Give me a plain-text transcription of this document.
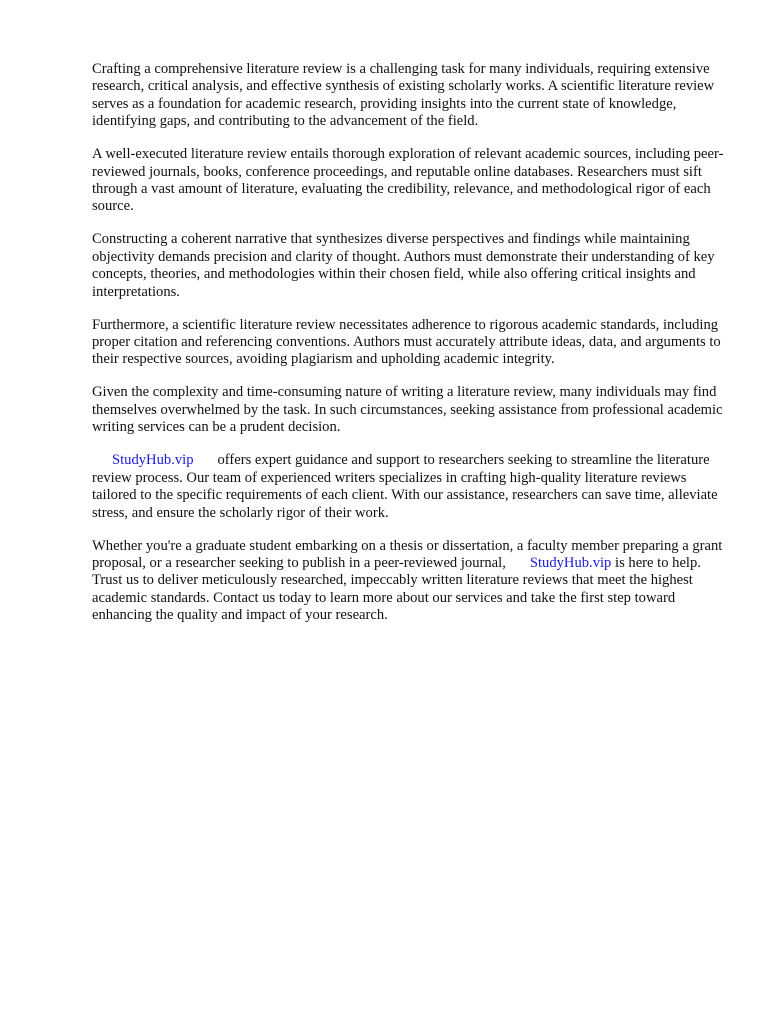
Crafting a comprehensive literature review is a challenging task for many individuals, requiring extensive research, critical analysis, and effective synthesis of existing scholarly works. A scientific literature review serves as a foundation for academic research, providing insights into the current state of knowledge, identifying gaps, and contributing to the advancement of the field.

A well-executed literature review entails thorough exploration of relevant academic sources, including peer-reviewed journals, books, conference proceedings, and reputable online databases. Researchers must sift through a vast amount of literature, evaluating the credibility, relevance, and methodological rigor of each source.

Constructing a coherent narrative that synthesizes diverse perspectives and findings while maintaining objectivity demands precision and clarity of thought. Authors must demonstrate their understanding of key concepts, theories, and methodologies within their chosen field, while also offering critical insights and interpretations.

Furthermore, a scientific literature review necessitates adherence to rigorous academic standards, including proper citation and referencing conventions. Authors must accurately attribute ideas, data, and arguments to their respective sources, avoiding plagiarism and upholding academic integrity.

Given the complexity and time-consuming nature of writing a literature review, many individuals may find themselves overwhelmed by the task. In such circumstances, seeking assistance from professional academic writing services can be a prudent decision.

StudyHub.vip offers expert guidance and support to researchers seeking to streamline the literature review process. Our team of experienced writers specializes in crafting high-quality literature reviews tailored to the specific requirements of each client. With our assistance, researchers can save time, alleviate stress, and ensure the scholarly rigor of their work.

Whether you're a graduate student embarking on a thesis or dissertation, a faculty member preparing a grant proposal, or a researcher seeking to publish in a peer-reviewed journal, StudyHub.vip is here to help. Trust us to deliver meticulously researched, impeccably written literature reviews that meet the highest academic standards. Contact us today to learn more about our services and take the first step toward enhancing the quality and impact of your research.
